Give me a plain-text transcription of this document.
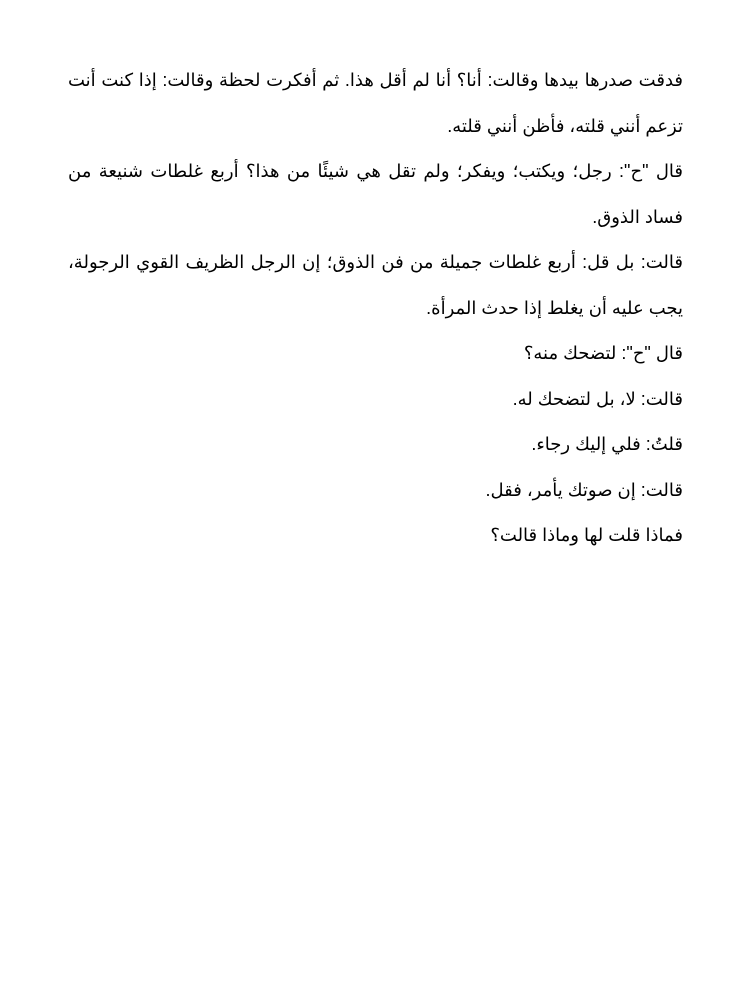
فدقت صدرها بيدها وقالت: أنا؟ أنا لم أقل هذا. ثم أفكرت لحظة وقالت: إذا كنت أنت تزعم أنني قلته، فأظن أنني قلته.

قال "ح": رجل؛ ويكتب؛ ويفكر؛ ولم تقل هي شيئًا من هذا؟ أربع غلطات شنيعة من فساد الذوق.

قالت: بل قل: أربع غلطات جميلة من فن الذوق؛ إن الرجل الظريف القوي الرجولة، يجب عليه أن يغلط إذا حدث المرأة.

قال "ح": لتضحك منه؟

قالت: لا، بل لتضحك له.

قلتُ: فلي إليك رجاء.

قالت: إن صوتك يأمر، فقل.

فماذا قلت لها وماذا قالت؟
